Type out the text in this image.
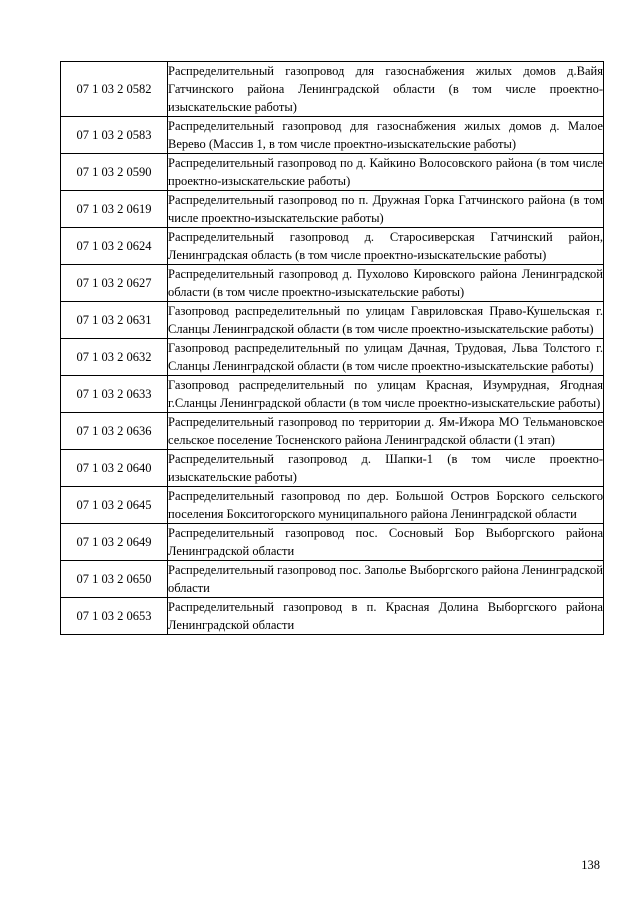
07 1 03 2 0582	Распределительный газопровод для газоснабжения жилых домов д.Вайя Гатчинского района Ленинградской области (в том числе проектно-изыскательские работы)
07 1 03 2 0583	Распределительный газопровод для газоснабжения жилых домов д. Малое Верево (Массив 1, в том числе проектно-изыскательские работы)
07 1 03 2 0590	Распределительный газопровод по д. Кайкино Волосовского района (в том числе проектно-изыскательские работы)
07 1 03 2 0619	Распределительный газопровод по п. Дружная Горка Гатчинского района (в том числе проектно-изыскательские работы)
07 1 03 2 0624	Распределительный газопровод д. Старосиверская Гатчинский район, Ленинградская область (в том числе проектно-изыскательские работы)
07 1 03 2 0627	Распределительный газопровод д. Пухолово Кировского района Ленинградской области (в том числе проектно-изыскательские работы)
07 1 03 2 0631	Газопровод распределительный по улицам Гавриловская Право-Кушельская г. Сланцы Ленинградской области (в том числе проектно-изыскательские работы)
07 1 03 2 0632	Газопровод распределительный по улицам Дачная, Трудовая, Льва Толстого г. Сланцы Ленинградской области (в том числе проектно-изыскательские работы)
07 1 03 2 0633	Газопровод распределительный по улицам Красная, Изумрудная, Ягодная г.Сланцы Ленинградской области (в том числе проектно-изыскательские работы)
07 1 03 2 0636	Распределительный газопровод по территории д. Ям-Ижора МО Тельмановское сельское поселение Тосненского района Ленинградской области (1 этап)
07 1 03 2 0640	Распределительный газопровод д. Шапки-1 (в том числе проектно-изыскательские работы)
07 1 03 2 0645	Распределительный газопровод по дер. Большой Остров Борского сельского поселения Бокситогорского муниципального района Ленинградской области
07 1 03 2 0649	Распределительный газопровод пос. Сосновый Бор Выборгского района Ленинградской области
07 1 03 2 0650	Распределительный газопровод пос. Заполье Выборгского района Ленинградской области
07 1 03 2 0653	Распределительный газопровод в п. Красная Долина Выборгского района Ленинградской области
138
